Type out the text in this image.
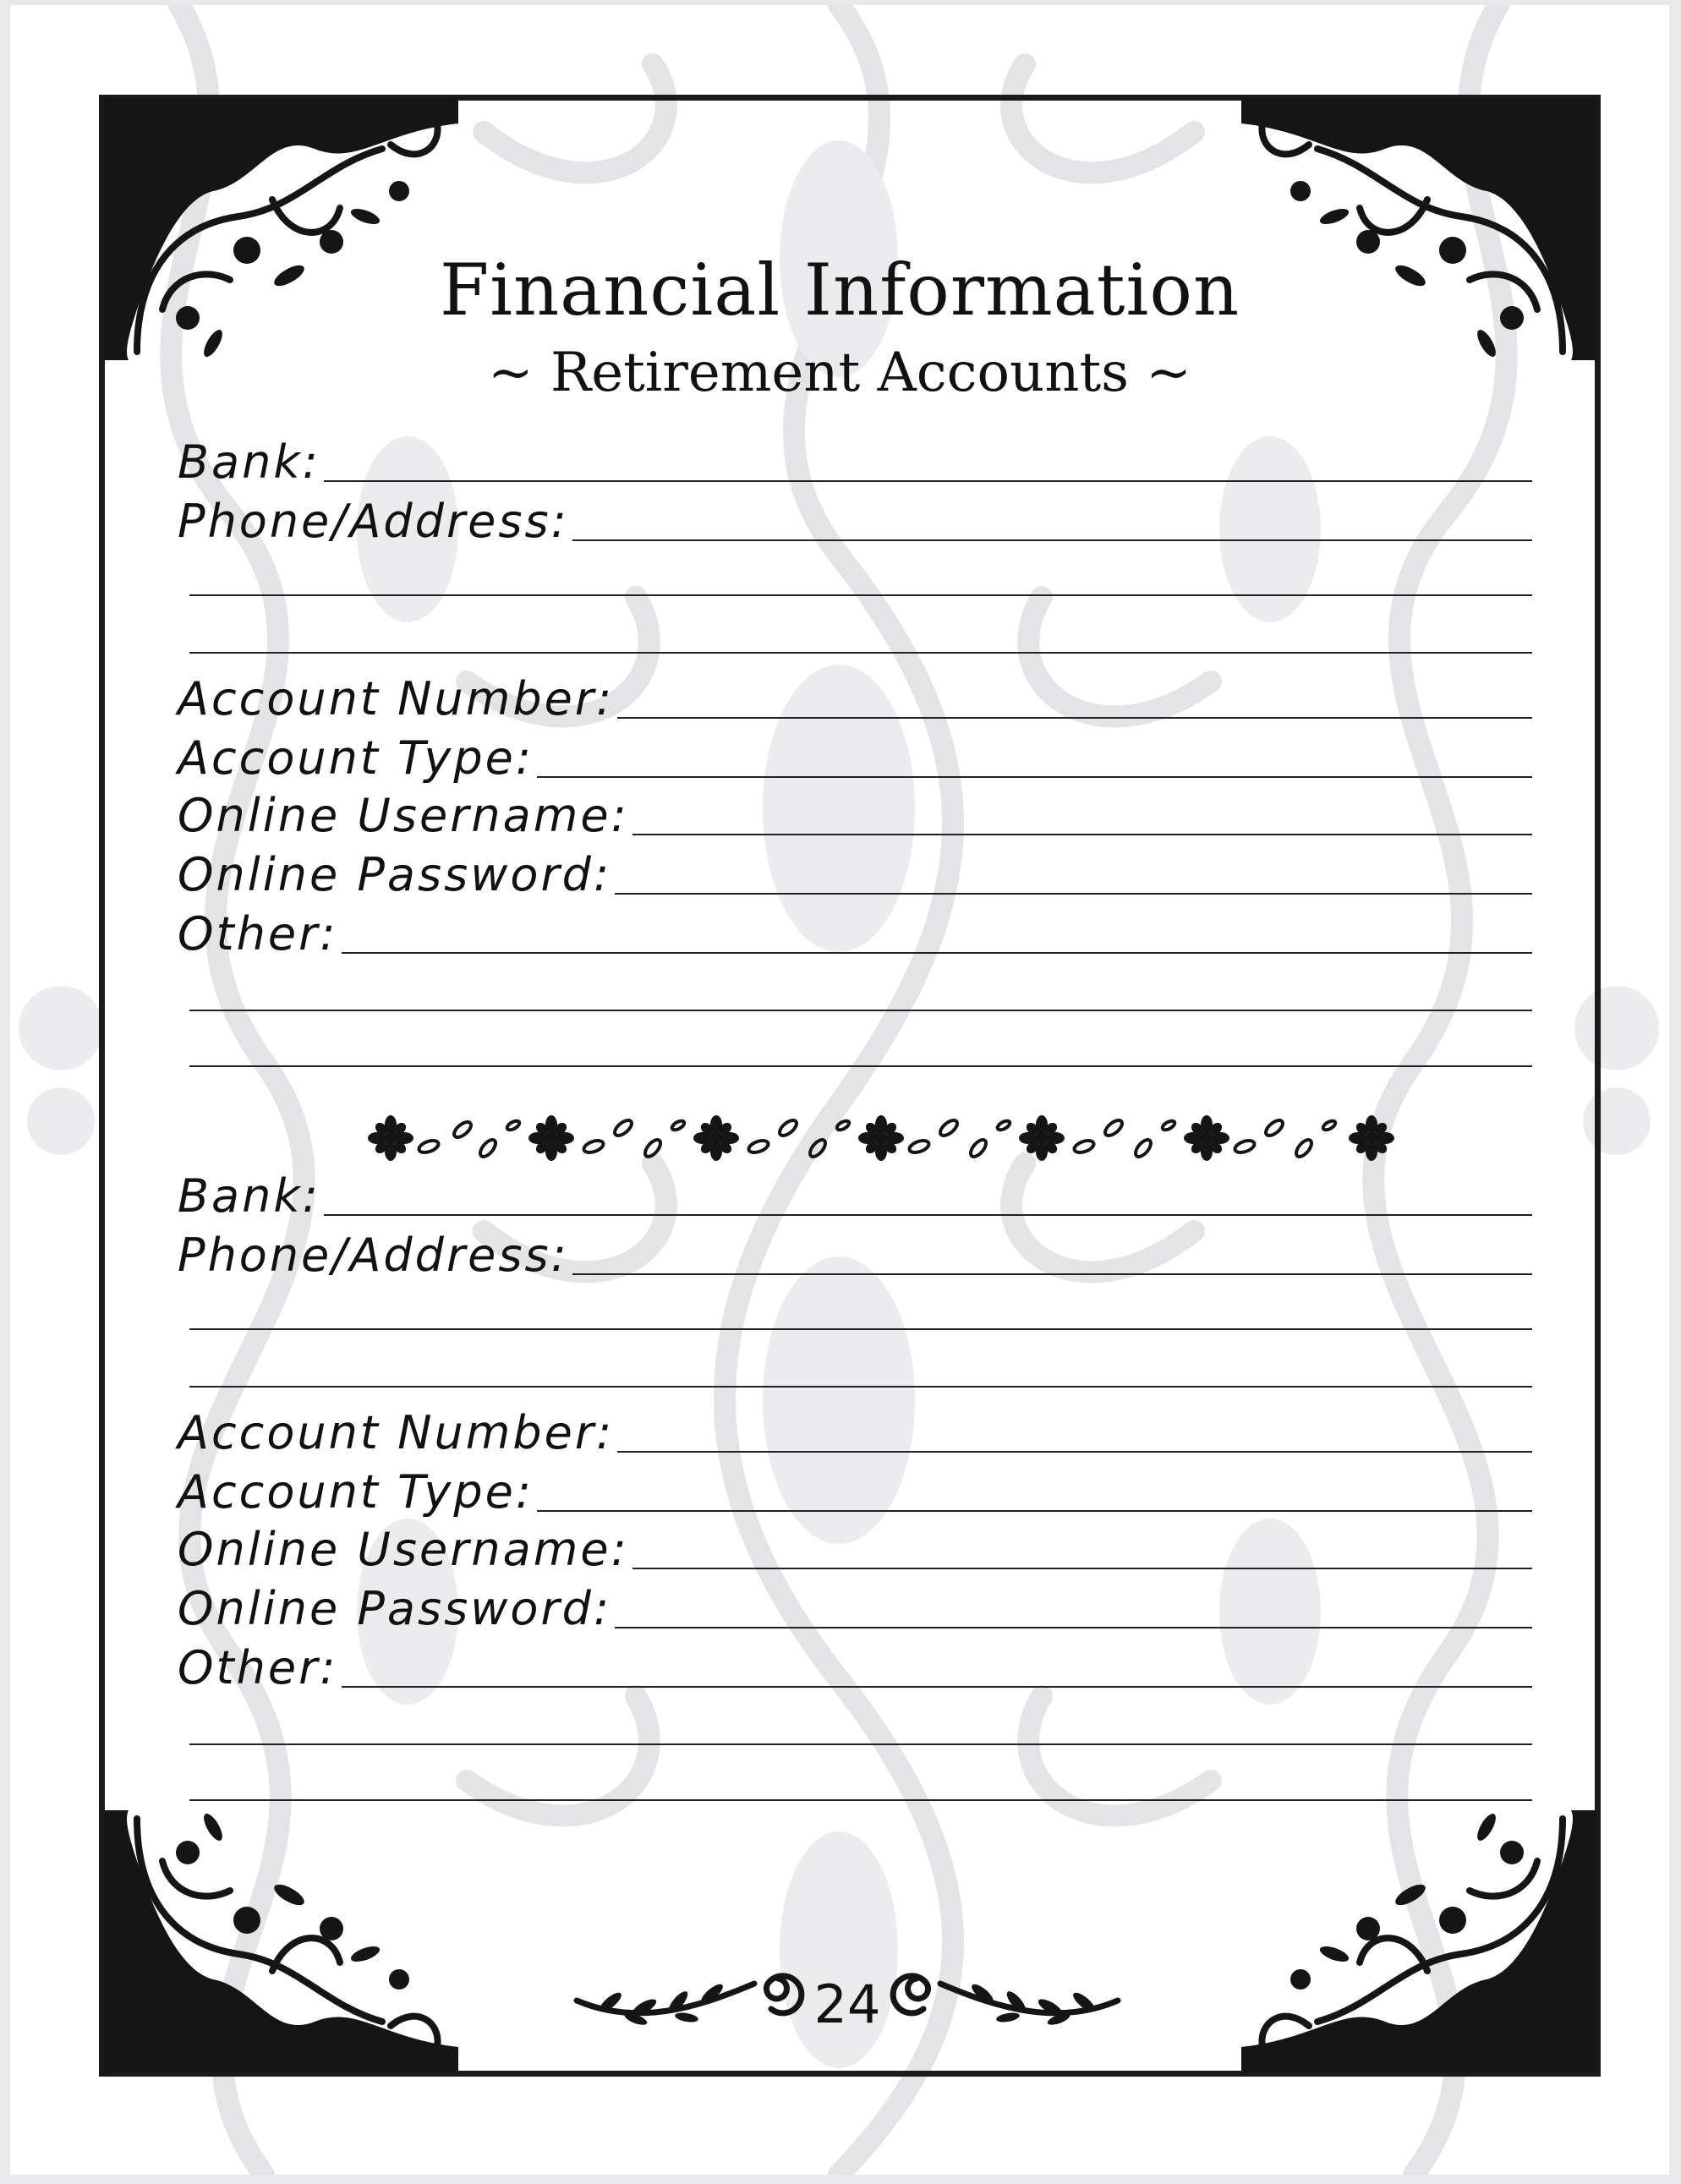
Financial Information
~ Retirement Accounts ~
Bank:
Phone/Address:
Account Number:
Account Type:
Online Username:
Online Password:
Other:
Bank:
Phone/Address:
Account Number:
Account Type:
Online Username:
Online Password:
Other:
24
